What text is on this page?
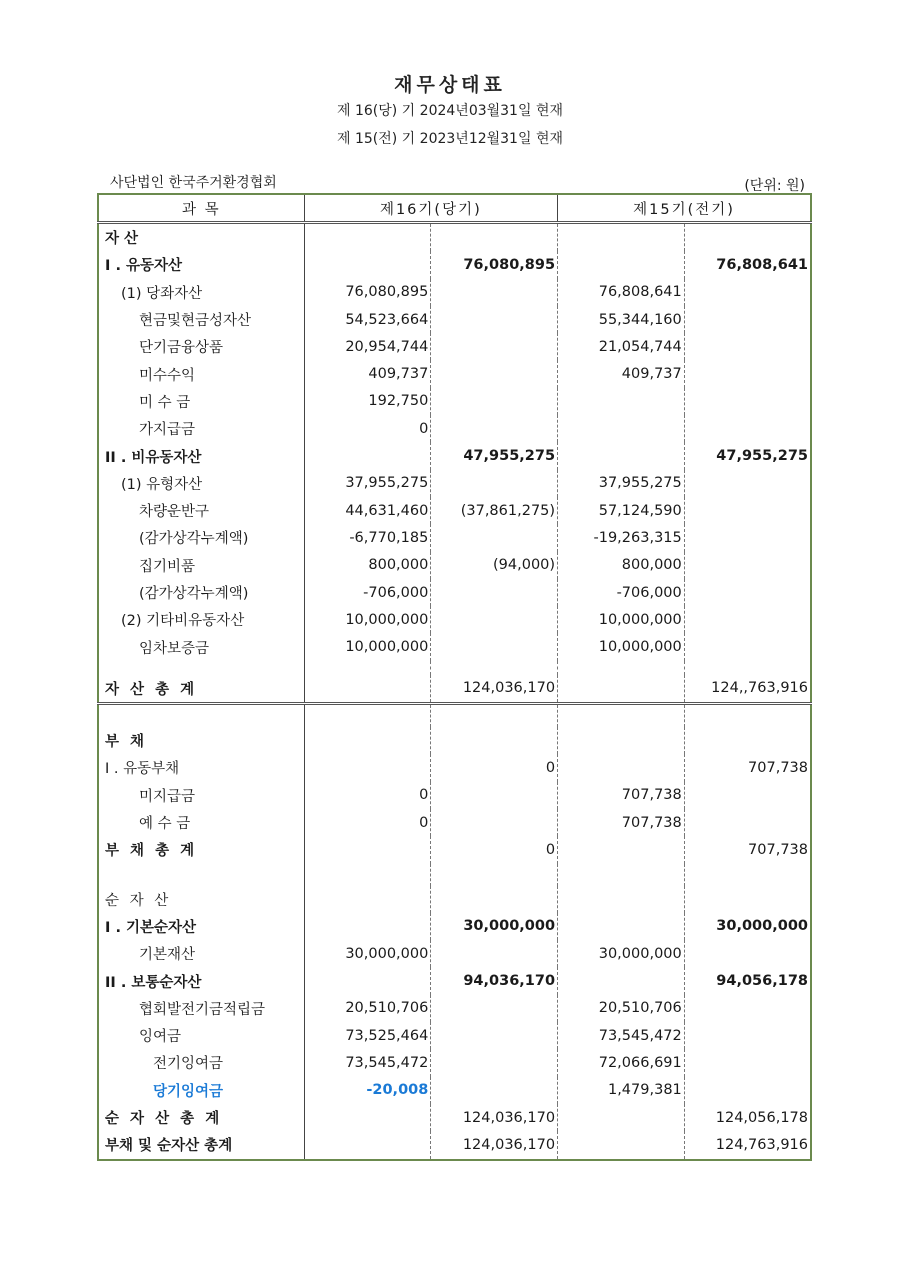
재무상태표
제 16(당) 기 2024년03월31일 현재
제 15(전) 기 2023년12월31일 현재
사단법인 한국주거환경협회	(단위: 원)
과 목	제16기(당기)		제15기(전기)	
자 산				
I . 유동자산		76,080,895		76,808,641
(1) 당좌자산	76,080,895		76,808,641	
현금및현금성자산	54,523,664		55,344,160	
단기금융상품	20,954,744		21,054,744	
미수수익	409,737		409,737	
미 수 금	192,750			
가지급금	0			
II . 비유동자산		47,955,275		47,955,275
(1) 유형자산	37,955,275		37,955,275	
차량운반구	44,631,460	(37,861,275)	57,124,590	
(감가상각누계액)	-6,770,185		-19,263,315	
집기비품	800,000	(94,000)	800,000	
(감가상각누계액)	-706,000		-706,000	
(2) 기타비유동자산	10,000,000		10,000,000	
임차보증금	10,000,000		10,000,000	

자 산 총 계		124,036,170		124,,763,916

부 채				
I . 유동부채		0		707,738
미지급금	0		707,738	
예 수 금	0		707,738	
부 채 총 계		0		707,738

순 자 산				
I . 기본순자산		30,000,000		30,000,000
기본재산	30,000,000		30,000,000	
II . 보통순자산		94,036,170		94,056,178
협회발전기금적립금	20,510,706		20,510,706	
잉여금	73,525,464		73,545,472	
전기잉여금	73,545,472		72,066,691	
당기잉여금	-20,008		1,479,381	
순 자 산 총 계		124,036,170		124,056,178
부채 및 순자산 총계		124,036,170		124,763,916
